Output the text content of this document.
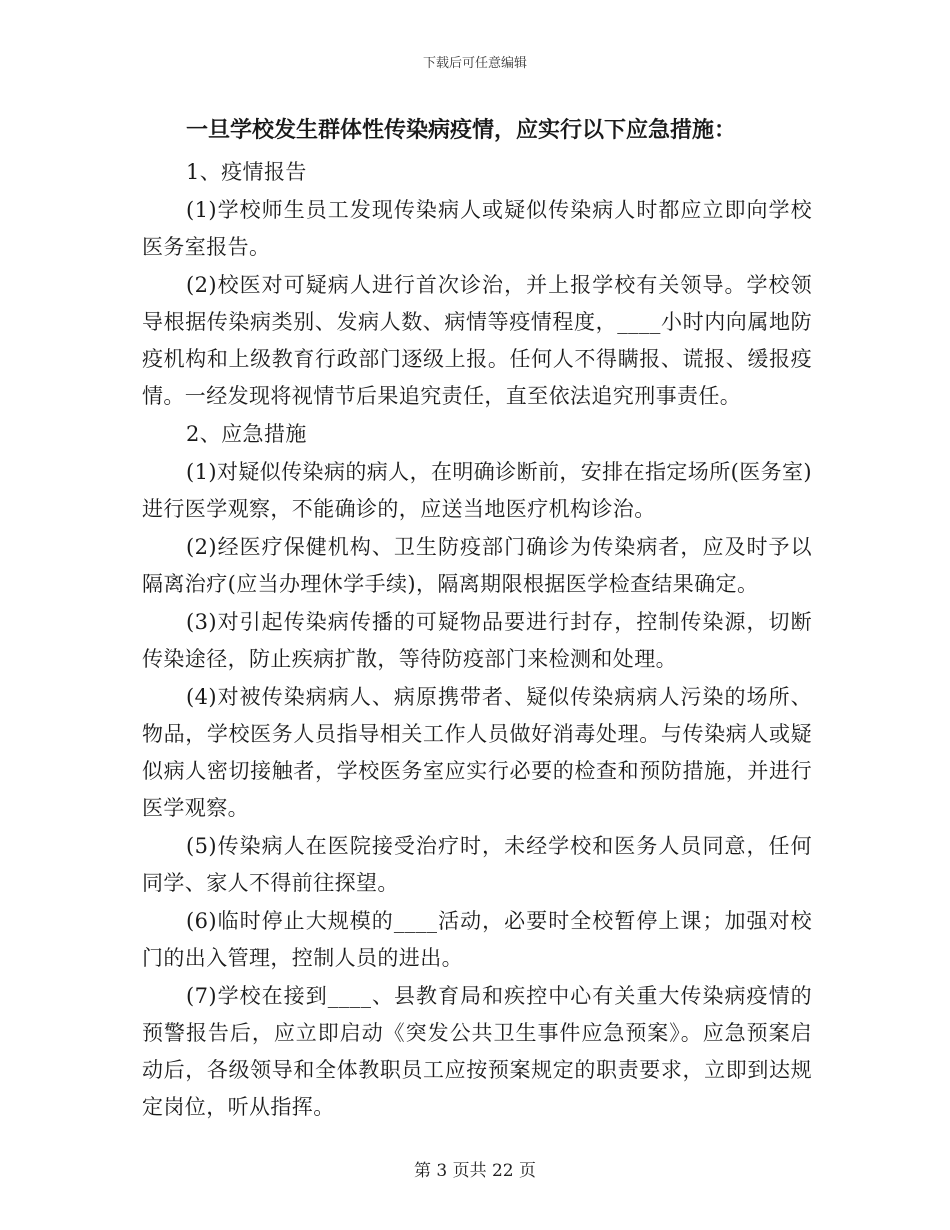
下载后可任意编辑

一旦学校发生群体性传染病疫情，应实行以下应急措施：

1、疫情报告

(1)学校师生员工发现传染病人或疑似传染病人时都应立即向学校医务室报告。

(2)校医对可疑病人进行首次诊治，并上报学校有关领导。学校领导根据传染病类别、发病人数、病情等疫情程度，____小时内向属地防疫机构和上级教育行政部门逐级上报。任何人不得瞒报、谎报、缓报疫情。一经发现将视情节后果追究责任，直至依法追究刑事责任。

2、应急措施

(1)对疑似传染病的病人，在明确诊断前，安排在指定场所(医务室)进行医学观察，不能确诊的，应送当地医疗机构诊治。

(2)经医疗保健机构、卫生防疫部门确诊为传染病者，应及时予以隔离治疗(应当办理休学手续)，隔离期限根据医学检查结果确定。

(3)对引起传染病传播的可疑物品要进行封存，控制传染源，切断传染途径，防止疾病扩散，等待防疫部门来检测和处理。

(4)对被传染病病人、病原携带者、疑似传染病病人污染的场所、物品，学校医务人员指导相关工作人员做好消毒处理。与传染病人或疑似病人密切接触者，学校医务室应实行必要的检查和预防措施，并进行医学观察。

(5)传染病人在医院接受治疗时，未经学校和医务人员同意，任何同学、家人不得前往探望。

(6)临时停止大规模的____活动，必要时全校暂停上课；加强对校门的出入管理，控制人员的进出。

(7)学校在接到____、县教育局和疾控中心有关重大传染病疫情的预警报告后，应立即启动《突发公共卫生事件应急预案》。应急预案启动后，各级领导和全体教职员工应按预案规定的职责要求，立即到达规定岗位，听从指挥。

第 3 页共 22 页
